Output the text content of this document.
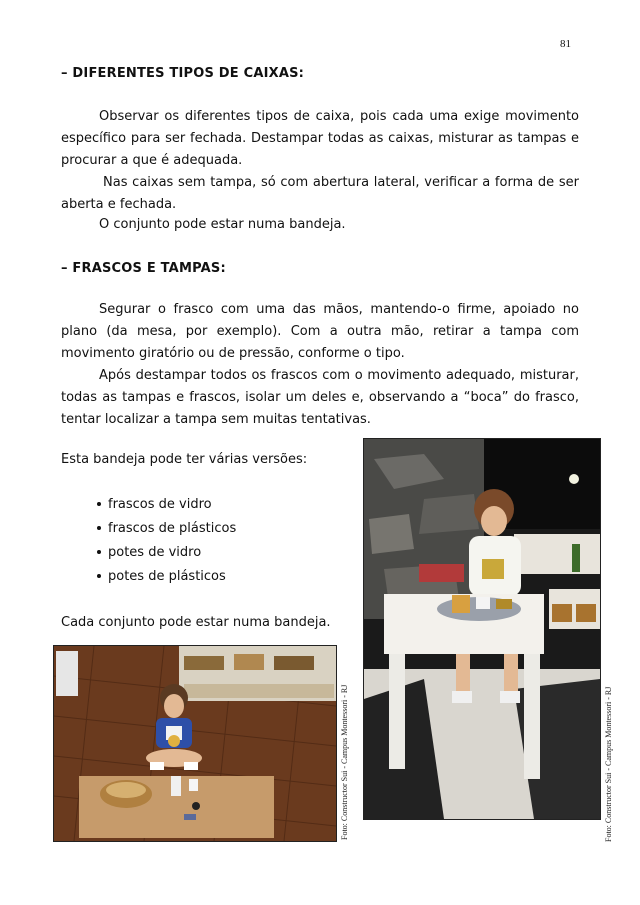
81
– DIFERENTES TIPOS DE CAIXAS:

Observar os diferentes tipos de caixa, pois cada uma exige movimento específico para ser fechada. Destampar todas as caixas, misturar as tampas e procurar a que é adequada.

Nas caixas sem tampa, só com abertura lateral, verificar a forma de ser aberta e fechada.

O conjunto pode estar numa bandeja.

– FRASCOS E TAMPAS:

Segurar o frasco com uma das mãos, mantendo-o firme, apoiado no plano (da mesa, por exemplo). Com a outra mão, retirar a tampa com movimento giratório ou de pressão, conforme o tipo.

Após destampar todos os frascos com o movimento adequado, misturar, todas as tampas e frascos, isolar um deles e, observando a “boca” do frasco, tentar localizar a tampa sem muitas tentativas.

Esta bandeja pode ter várias versões:

frascos de vidro
frascos de plásticos
potes de vidro
potes de plásticos

Cada conjunto pode estar numa bandeja.

Foto: Constructor Sui - Campus Montessori - RJ	Foto: Constructor Sui - Campus Montessori - RJ
